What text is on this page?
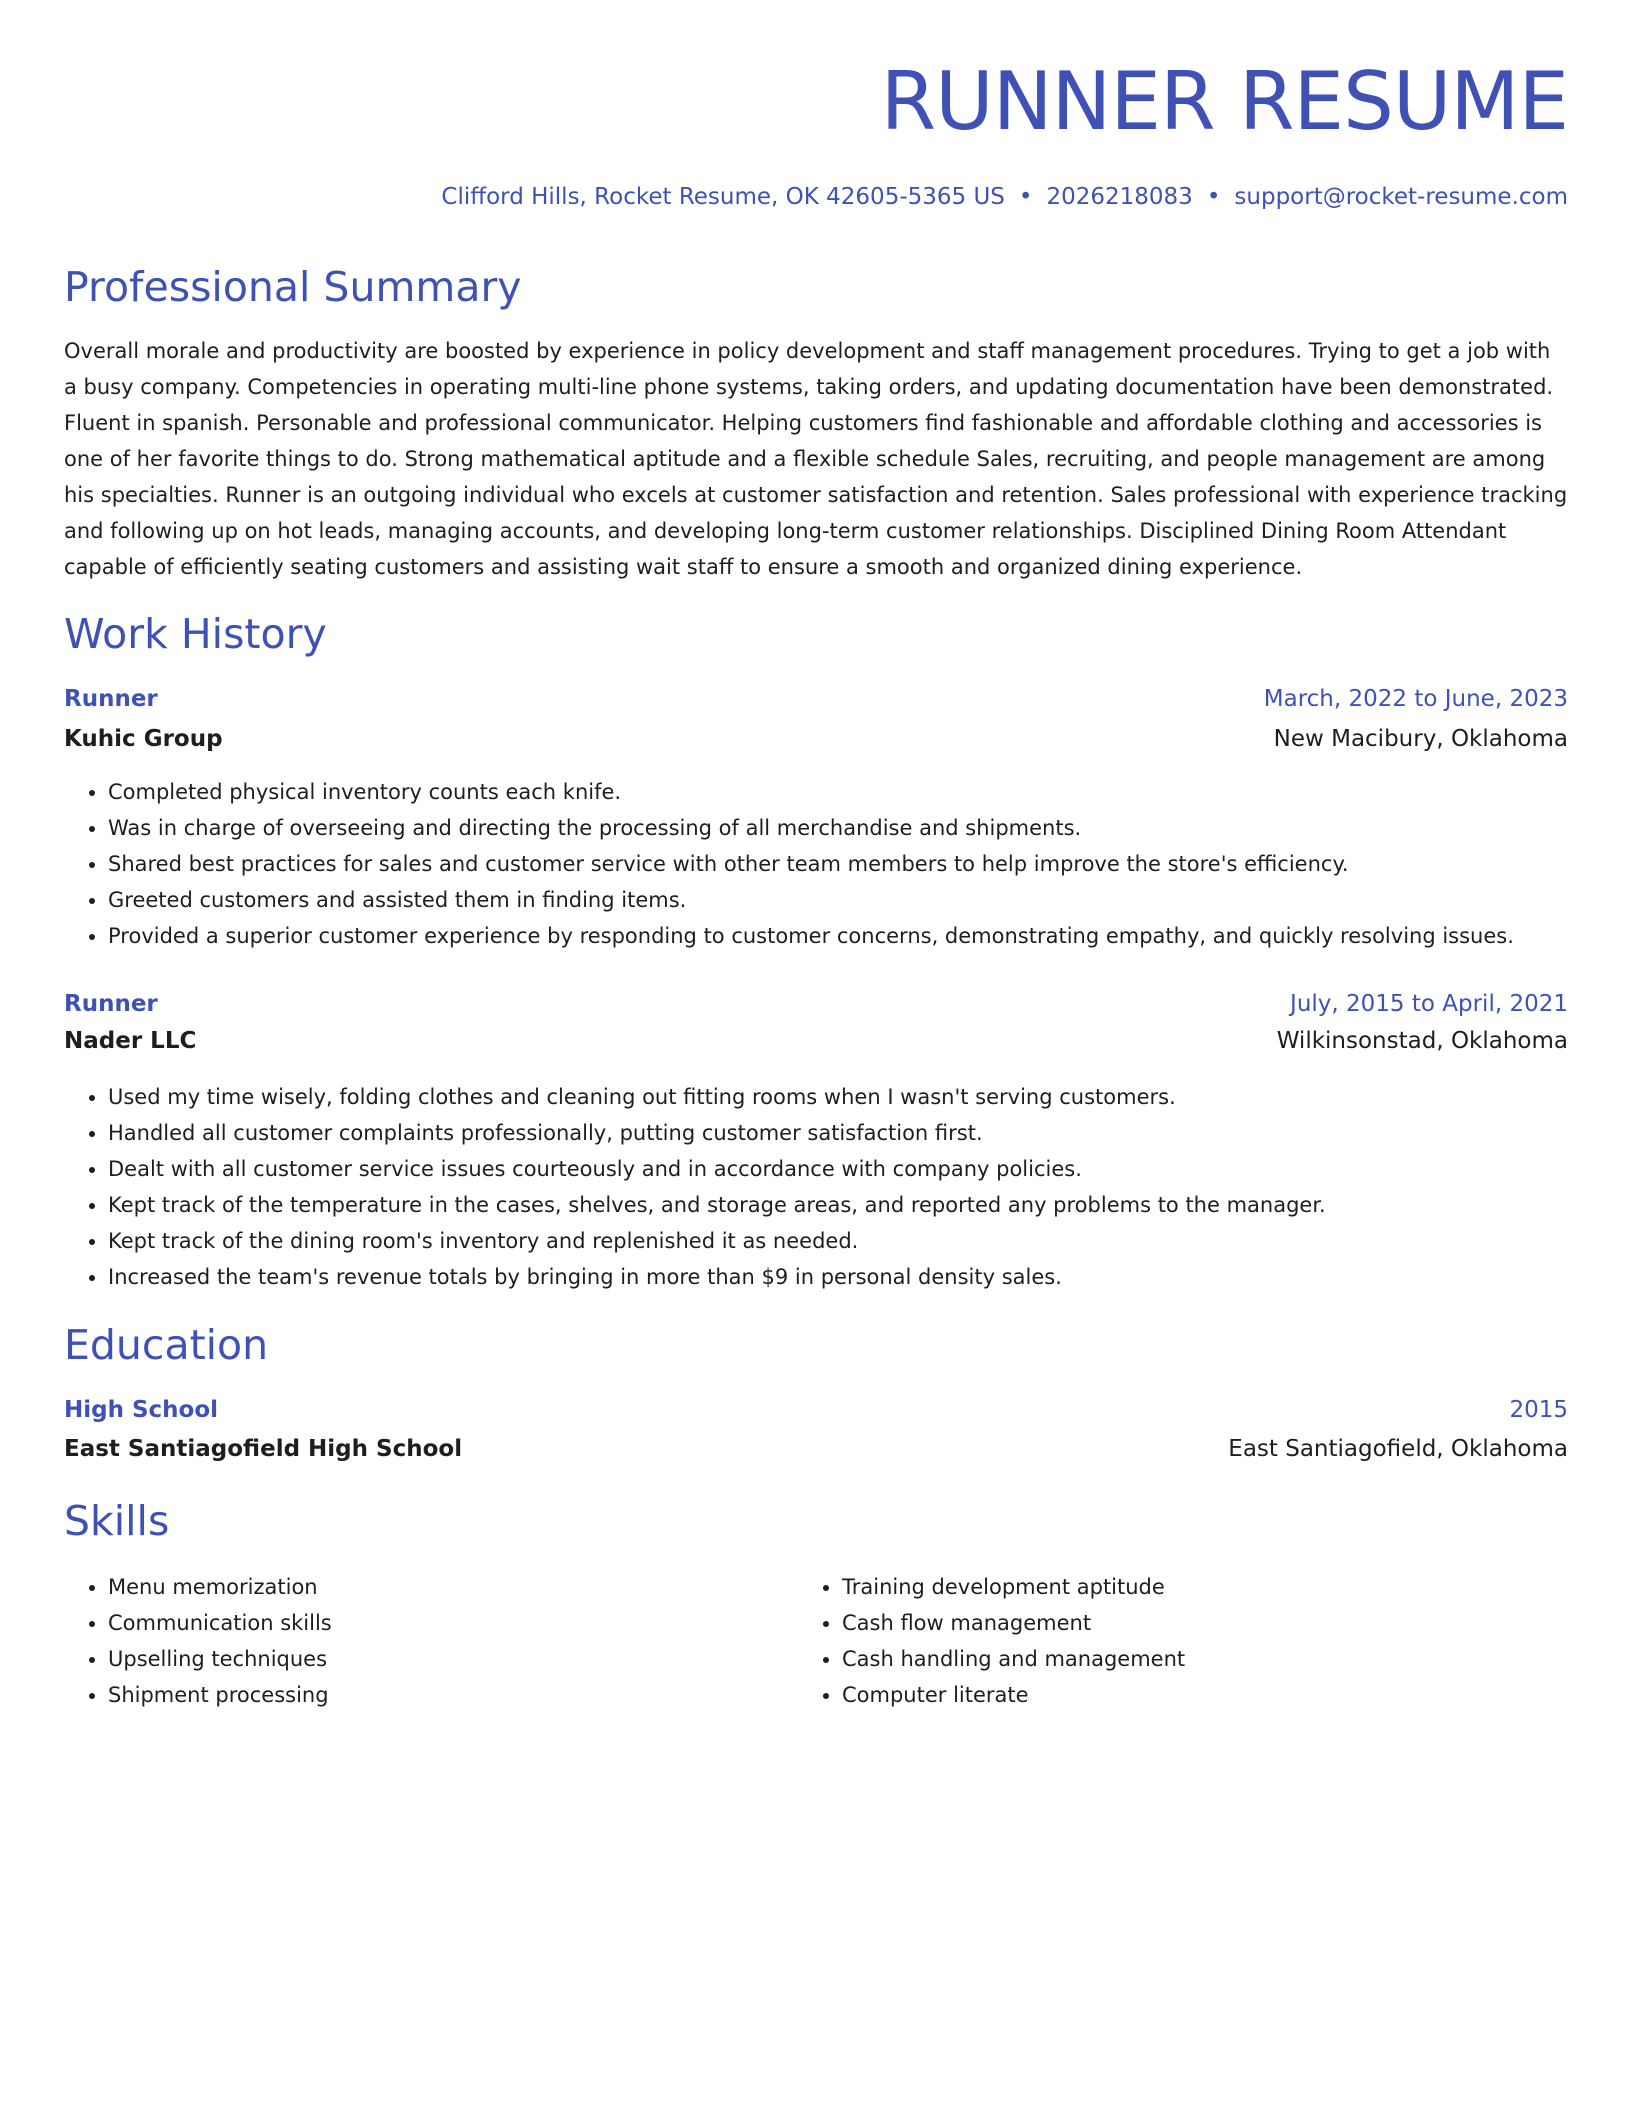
RUNNER RESUME
Clifford Hills, Rocket Resume, OK 42605-5365 US • 2026218083 • support@rocket-resume.com
Professional Summary

Overall morale and productivity are boosted by experience in policy development and staff management procedures. Trying to get a job with a busy company. Competencies in operating multi-line phone systems, taking orders, and updating documentation have been demonstrated. Fluent in spanish. Personable and professional communicator. Helping customers find fashionable and affordable clothing and accessories is one of her favorite things to do. Strong mathematical aptitude and a flexible schedule Sales, recruiting, and people management are among his specialties. Runner is an outgoing individual who excels at customer satisfaction and retention. Sales professional with experience tracking and following up on hot leads, managing accounts, and developing long-term customer relationships. Disciplined Dining Room Attendant capable of efficiently seating customers and assisting wait staff to ensure a smooth and organized dining experience.

Work History
Runner	March, 2022 to June, 2023
Kuhic Group	New Macibury, Oklahoma
• Completed physical inventory counts each knife.
• Was in charge of overseeing and directing the processing of all merchandise and shipments.
• Shared best practices for sales and customer service with other team members to help improve the store's efficiency.
• Greeted customers and assisted them in finding items.
• Provided a superior customer experience by responding to customer concerns, demonstrating empathy, and quickly resolving issues.
Runner	July, 2015 to April, 2021
Nader LLC	Wilkinsonstad, Oklahoma
• Used my time wisely, folding clothes and cleaning out fitting rooms when I wasn't serving customers.
• Handled all customer complaints professionally, putting customer satisfaction first.
• Dealt with all customer service issues courteously and in accordance with company policies.
• Kept track of the temperature in the cases, shelves, and storage areas, and reported any problems to the manager.
• Kept track of the dining room's inventory and replenished it as needed.
• Increased the team's revenue totals by bringing in more than $9 in personal density sales.
Education
High School	2015
East Santiagofield High School	East Santiagofield, Oklahoma
Skills
• Menu memorization
• Communication skills
• Upselling techniques
• Shipment processing
• Training development aptitude
• Cash flow management
• Cash handling and management
• Computer literate
